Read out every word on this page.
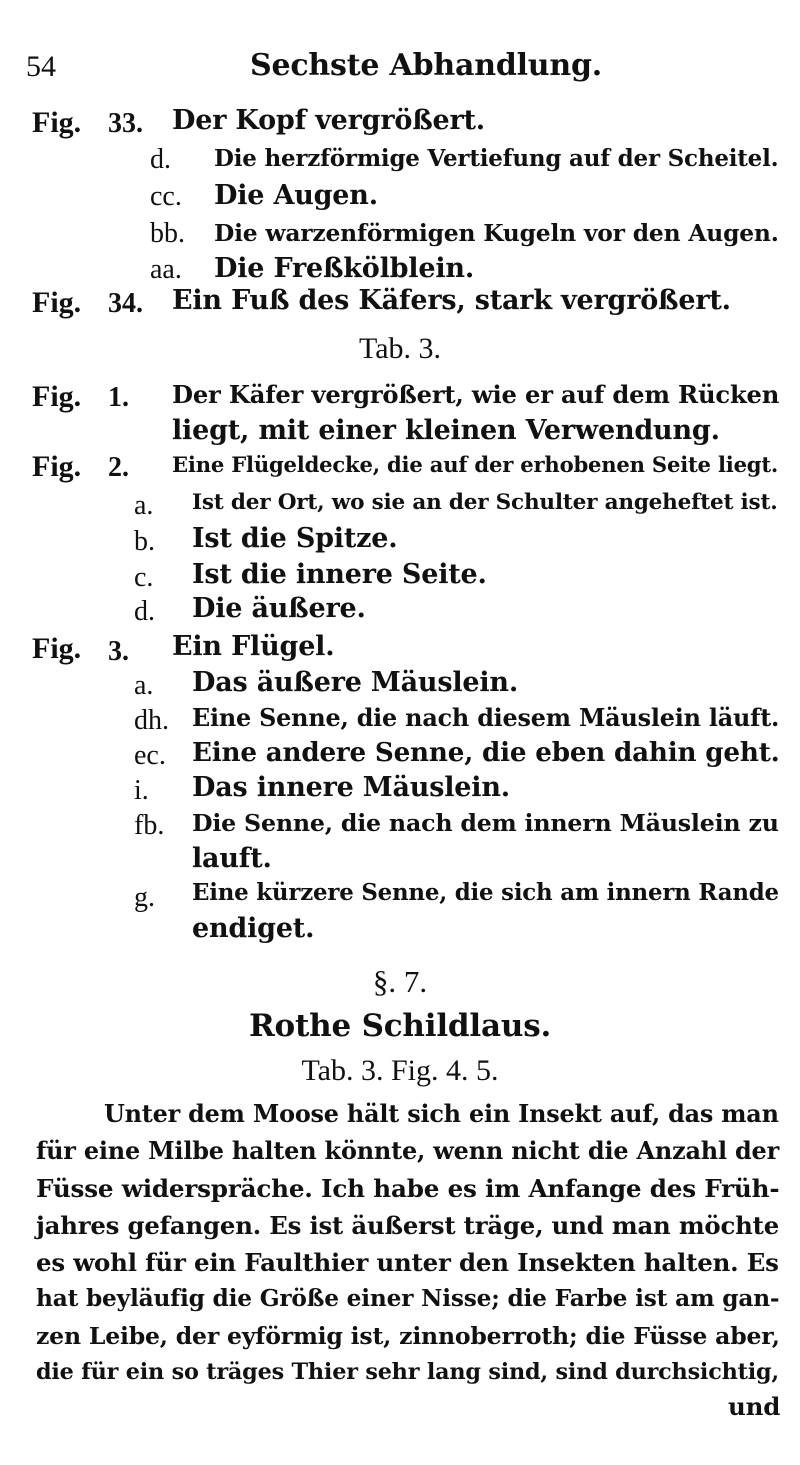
54	Sechste Abhandlung.
Fig. 33. Der Kopf vergrößert.
d. Die herzförmige Vertiefung auf der Scheitel.
cc. Die Augen.
bb. Die warzenförmigen Kugeln vor den Augen.
aa. Die Freßkölblein.
Fig. 34. Ein Fuß des Käfers, stark vergrößert.
Tab. 3.
Fig. 1. Der Käfer vergrößert, wie er auf dem Rücken
liegt, mit einer kleinen Verwendung.
Fig. 2. Eine Flügeldecke, die auf der erhobenen Seite liegt.
a. Ist der Ort, wo sie an der Schulter angeheftet ist.
b. Ist die Spitze.
c. Ist die innere Seite.
d. Die äußere.
Fig. 3. Ein Flügel.
a. Das äußere Mäuslein.
dh. Eine Senne, die nach diesem Mäuslein läuft.
ec. Eine andere Senne, die eben dahin geht.
i. Das innere Mäuslein.
fb. Die Senne, die nach dem innern Mäuslein zu
lauft.
g. Eine kürzere Senne, die sich am innern Rande
endiget.
§. 7.
Rothe Schildlaus.
Tab. 3. Fig. 4. 5.
Unter dem Moose hält sich ein Insekt auf, das man
für eine Milbe halten könnte, wenn nicht die Anzahl der
Füsse widerspräche. Ich habe es im Anfange des Früh-
jahres gefangen. Es ist äußerst träge, und man möchte
es wohl für ein Faulthier unter den Insekten halten. Es
hat beyläufig die Größe einer Nisse; die Farbe ist am gan-
zen Leibe, der eyförmig ist, zinnoberroth; die Füsse aber,
die für ein so träges Thier sehr lang sind, sind durchsichtig,
und
